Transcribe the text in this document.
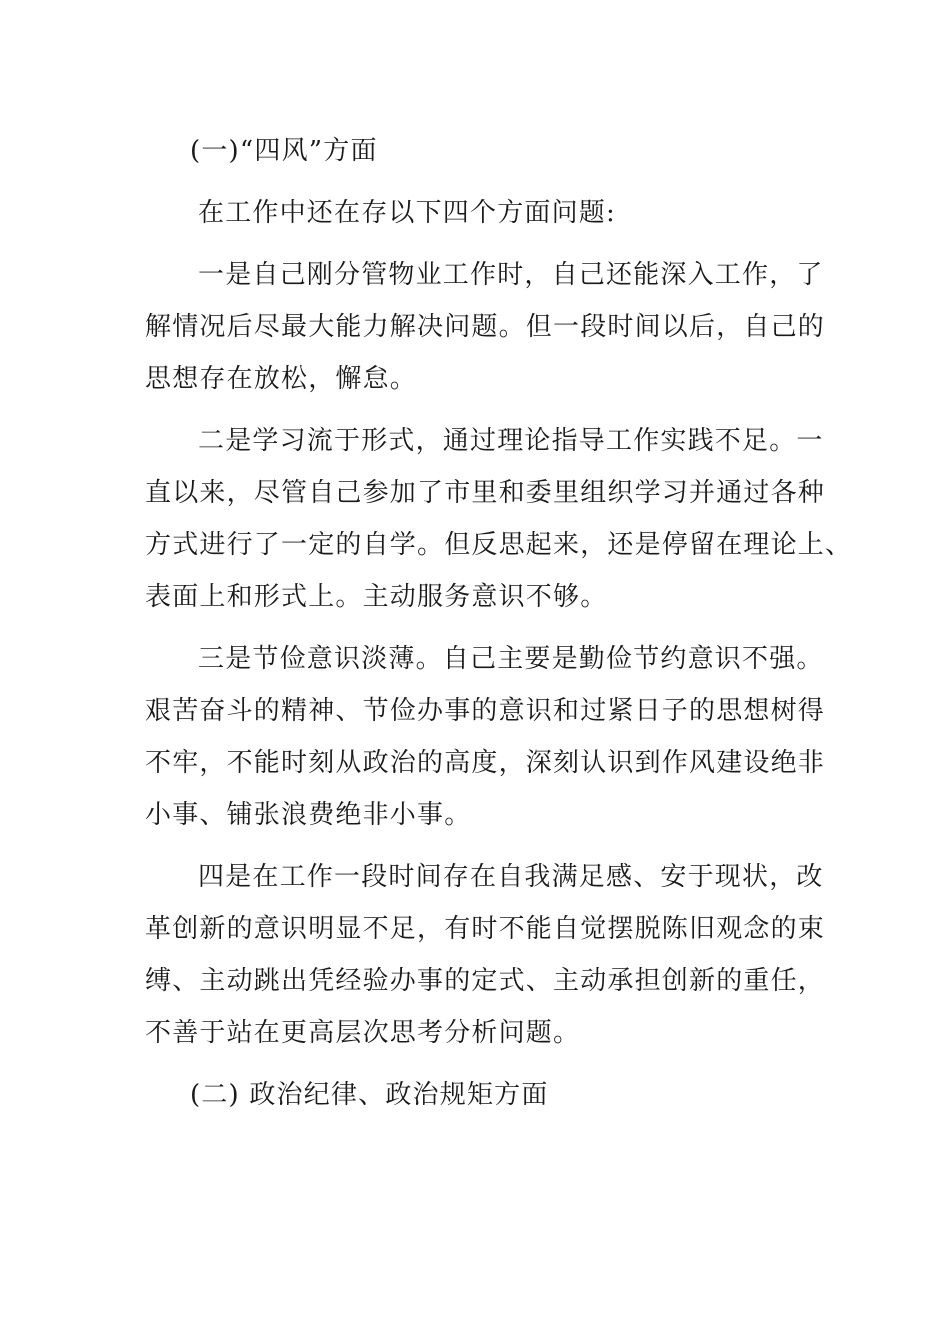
(一)“四风”方面

在工作中还在存以下四个方面问题:

一是自己刚分管物业工作时，自己还能深入工作，了

解情况后尽最大能力解决问题。但一段时间以后，自己的

思想存在放松，懈怠。

二是学习流于形式，通过理论指导工作实践不足。一

直以来，尽管自己参加了市里和委里组织学习并通过各种

方式进行了一定的自学。但反思起来，还是停留在理论上、

表面上和形式上。主动服务意识不够。

三是节俭意识淡薄。自己主要是勤俭节约意识不强。

艰苦奋斗的精神、节俭办事的意识和过紧日子的思想树得

不牢，不能时刻从政治的高度，深刻认识到作风建设绝非

小事、铺张浪费绝非小事。

四是在工作一段时间存在自我满足感、安于现状，改

革创新的意识明显不足，有时不能自觉摆脱陈旧观念的束

缚、主动跳出凭经验办事的定式、主动承担创新的重任，

不善于站在更高层次思考分析问题。

(二) 政治纪律、政治规矩方面
